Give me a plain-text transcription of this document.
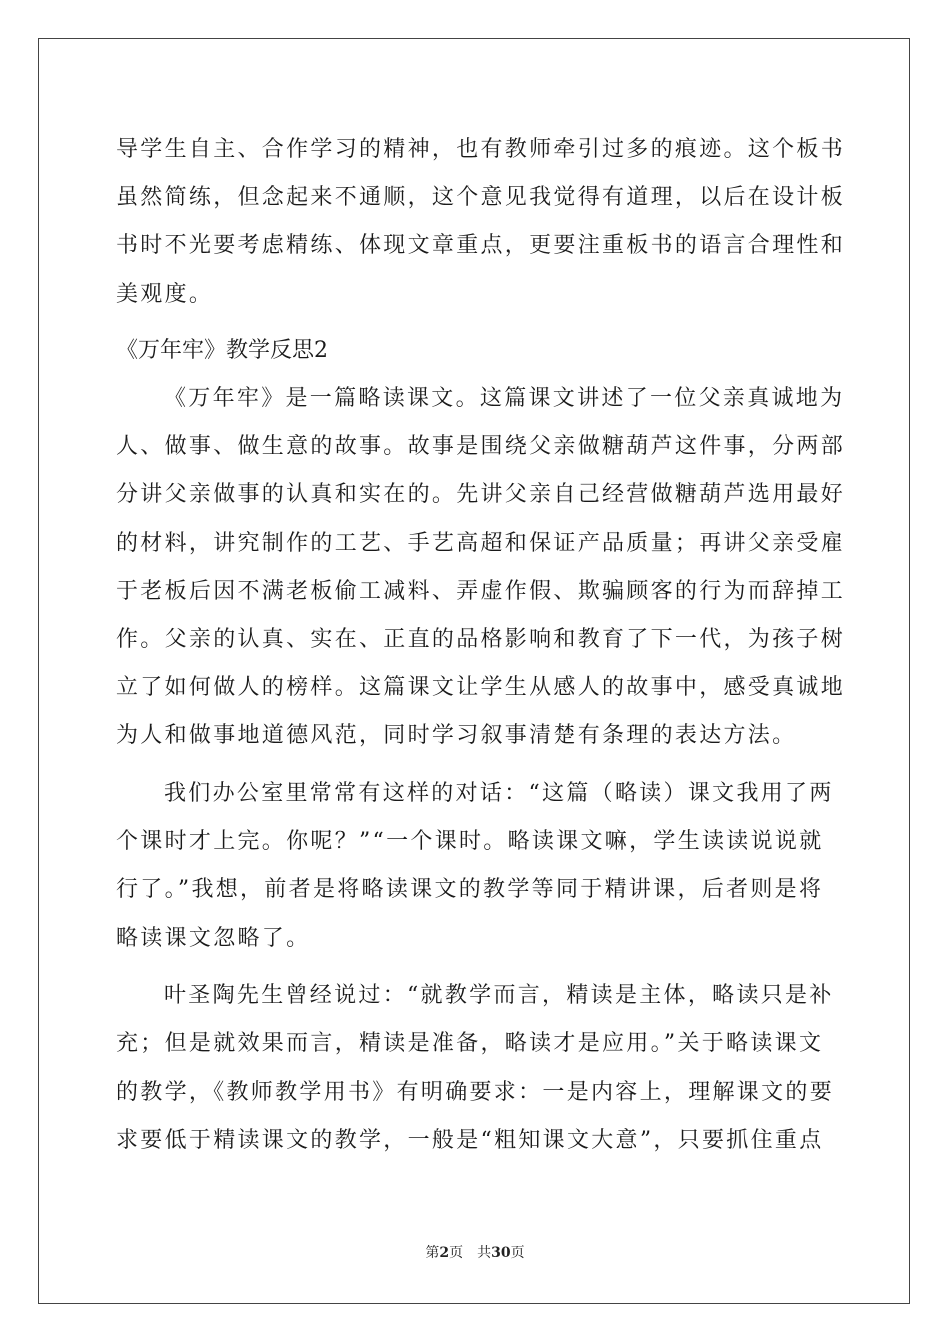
导学生自主、合作学习的精神，也有教师牵引过多的痕迹。这个板书
虽然简练，但念起来不通顺，这个意见我觉得有道理，以后在设计板
书时不光要考虑精练、体现文章重点，更要注重板书的语言合理性和
美观度。
《万年牢》教学反思2
《万年牢》是一篇略读课文。这篇课文讲述了一位父亲真诚地为
人、做事、做生意的故事。故事是围绕父亲做糖葫芦这件事，分两部
分讲父亲做事的认真和实在的。先讲父亲自己经营做糖葫芦选用最好
的材料，讲究制作的工艺、手艺高超和保证产品质量；再讲父亲受雇
于老板后因不满老板偷工减料、弄虚作假、欺骗顾客的行为而辞掉工
作。父亲的认真、实在、正直的品格影响和教育了下一代，为孩子树
立了如何做人的榜样。这篇课文让学生从感人的故事中，感受真诚地
为人和做事地道德风范，同时学习叙事清楚有条理的表达方法。
我们办公室里常常有这样的对话：“这篇（略读）课文我用了两
个课时才上完。你呢？”“一个课时。略读课文嘛，学生读读说说就
行了。”我想，前者是将略读课文的教学等同于精讲课，后者则是将
略读课文忽略了。
叶圣陶先生曾经说过：“就教学而言，精读是主体，略读只是补
充；但是就效果而言，精读是准备，略读才是应用。”关于略读课文
的教学，《教师教学用书》有明确要求：一是内容上，理解课文的要
求要低于精读课文的教学，一般是“粗知课文大意”，只要抓住重点
第2页 共30页
